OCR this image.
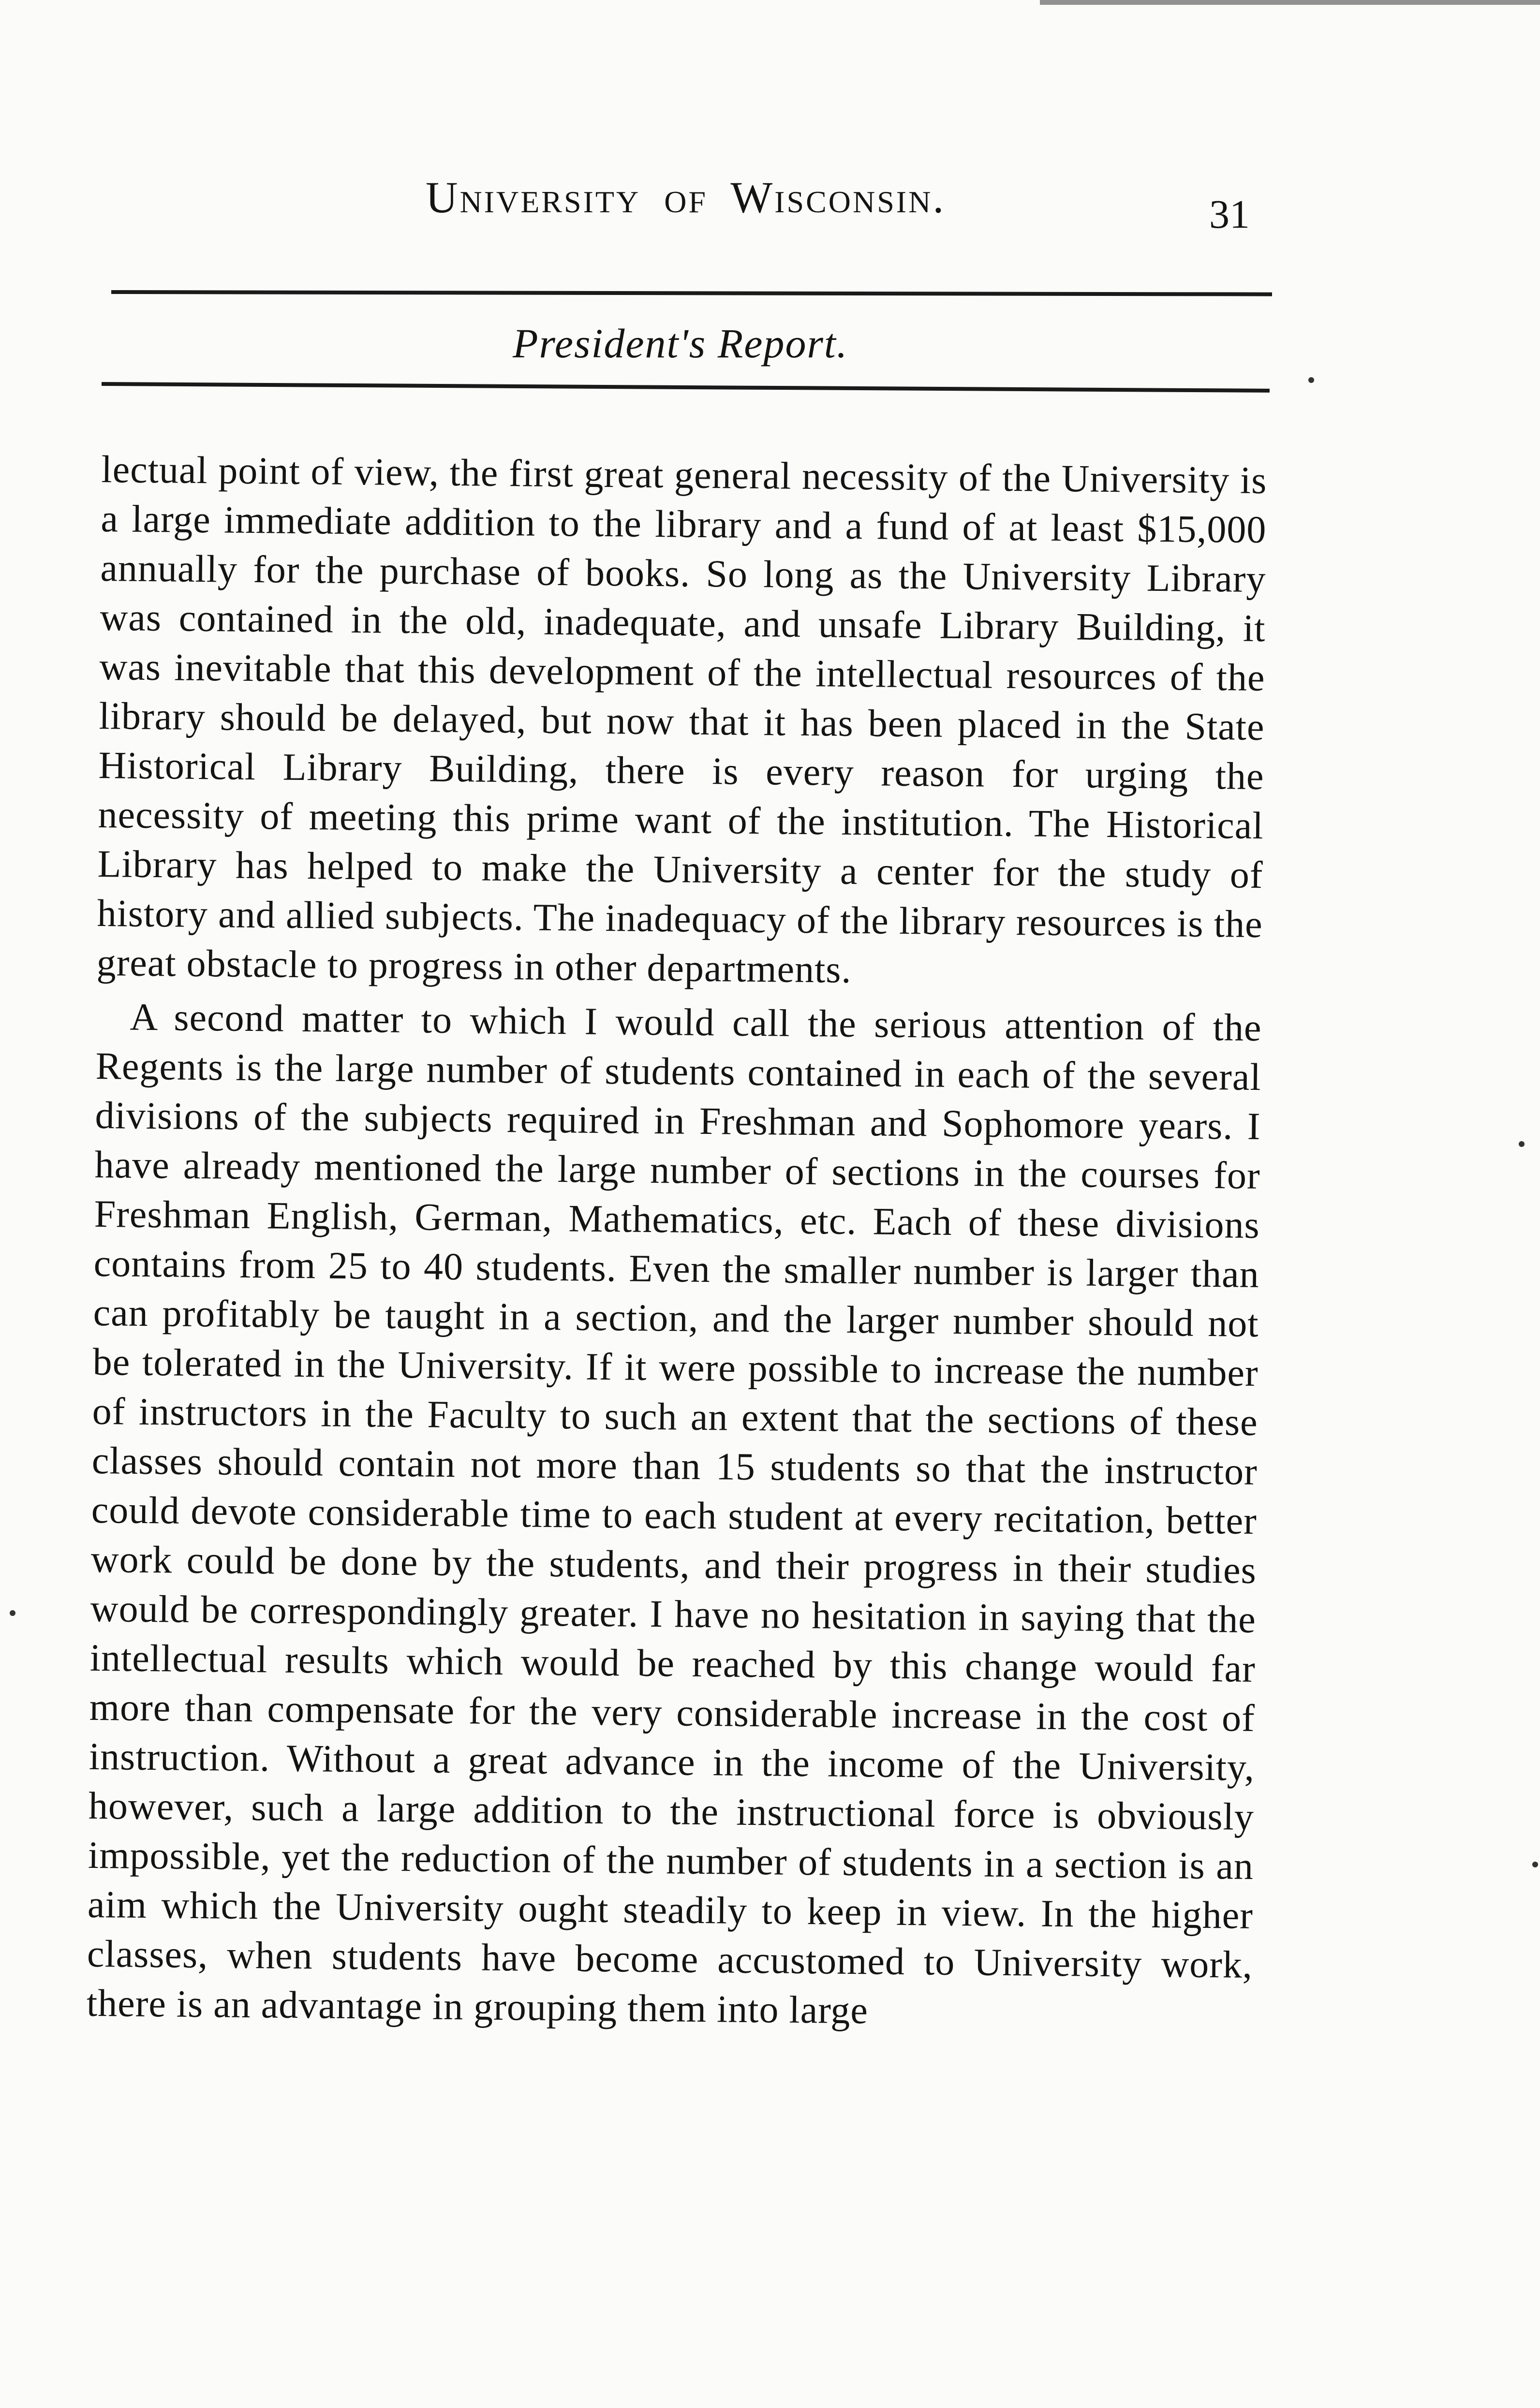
University of Wisconsin.	31
President's Report.

lectual point of view, the first great general necessity of the University is a large immediate addition to the library and a fund of at least $15,000 annually for the purchase of books. So long as the University Library was contained in the old, inadequate, and unsafe Library Building, it was inevitable that this development of the intellectual resources of the library should be delayed, but now that it has been placed in the State Historical Library Building, there is every reason for urging the necessity of meeting this prime want of the institution. The Historical Library has helped to make the University a center for the study of history and allied subjects. The inadequacy of the library resources is the great obstacle to progress in other departments.

A second matter to which I would call the serious attention of the Regents is the large number of students contained in each of the several divisions of the subjects required in Freshman and Sophomore years. I have already mentioned the large number of sections in the courses for Freshman English, German, Mathematics, etc. Each of these divisions contains from 25 to 40 students. Even the smaller number is larger than can profitably be taught in a section, and the larger number should not be tolerated in the University. If it were possible to increase the number of instructors in the Faculty to such an extent that the sections of these classes should contain not more than 15 students so that the instructor could devote considerable time to each student at every recitation, better work could be done by the students, and their progress in their studies would be correspondingly greater. I have no hesitation in saying that the intellectual results which would be reached by this change would far more than compensate for the very considerable increase in the cost of instruction. Without a great advance in the income of the University, however, such a large addition to the instructional force is obviously impossible, yet the reduction of the number of students in a section is an aim which the University ought steadily to keep in view. In the higher classes, when students have become accustomed to University work, there is an advantage in grouping them into large
